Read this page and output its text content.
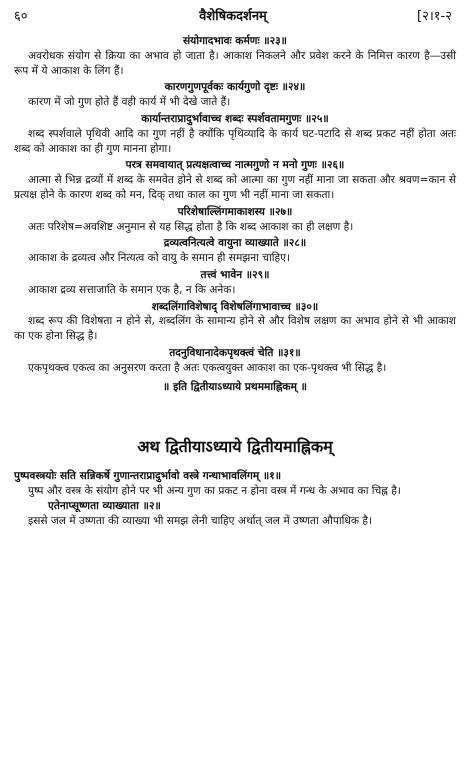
६०	वैशेषिकदर्शनम्	[२।१-२
संयोगादभावः कर्मणः ॥२३॥
अवरोधक संयोग से क्रिया का अभाव हो जाता है। आकाश निकलने और प्रवेश करने के निमित्त कारण है—उसी रूप में ये आकाश के लिंग हैं।
कारणगुणपूर्वकः कार्यगुणो दृष्टः ॥२४॥
कारण में जो गुण होते हैं वही कार्य में भी देखे जाते हैं।
कार्यान्तराप्रादुर्भावाच्च शब्दः स्पर्शवतामगुणः ॥२५॥
शब्द स्पर्शवाले पृथिवी आदि का गुण नहीं है क्योंकि पृथिव्यादि के कार्य घट-पटादि से शब्द प्रकट नहीं होता अतः शब्द को आकाश का ही गुण मानना होगा।
परत्र समवायात् प्रत्यक्षत्वाच्च नात्मगुणो न मनो गुणः ॥२६॥
आत्मा से भिन्न द्रव्यों में शब्द के समवेत होने से शब्द को आत्मा का गुण नहीं माना जा सकता और श्रवण=कान से प्रत्यक्ष होने के कारण शब्द को मन, दिक् तथा काल का गुण भी नहीं माना जा सकता।
परिशेषाल्लिंगमाकाशस्य ॥२७॥
अतः परिशेष=अवशिष्ट अनुमान से यह सिद्ध होता है कि शब्द आकाश का ही लक्षण है।
द्रव्यत्वनित्यत्वे वायुना व्याख्याते ॥२८॥
आकाश के द्रव्यत्व और नित्यत्व को वायु के समान ही समझना चाहिए।
तत्त्वं भावेन ॥२९॥
आकाश द्रव्य सत्ताजाति के समान एक है, न कि अनेक।
शब्दलिंगाविशेषाद् विशेषलिंगाभावाच्च ॥३०॥
शब्द रूप की विशेषता न होने से, शब्दलिंग के सामान्य होने से और विशेष लक्षण का अभाव होने से भी आकाश का एक होना सिद्ध है।
तदनुविधानादेकपृथक्त्वं चेति ॥३१॥
एकपृथक्त्व एकत्व का अनुसरण करता है अतः एकत्वयुक्त आकाश का एक-पृथक्त्व भी सिद्ध है।
॥ इति द्वितीयाऽध्याये प्रथममाह्निकम् ॥
अथ द्वितीयाऽध्याये द्वितीयमाह्निकम्
पुष्पवस्त्रयोः सति सन्निकर्षे गुणान्तराप्रादुर्भावो वस्त्रे गन्धाभावलिंगम् ॥१॥
पुष्प और वस्त्र के संयोग होने पर भी अन्य गुण का प्रकट न होना वस्त्र में गन्ध के अभाव का चिह्न है।
एतेनाप्सूष्णता व्याख्याता ॥२॥
इससे जल में उष्णता की व्याख्या भी समझ लेनी चाहिए अर्थात् जल में उष्णता औपाधिक है।
